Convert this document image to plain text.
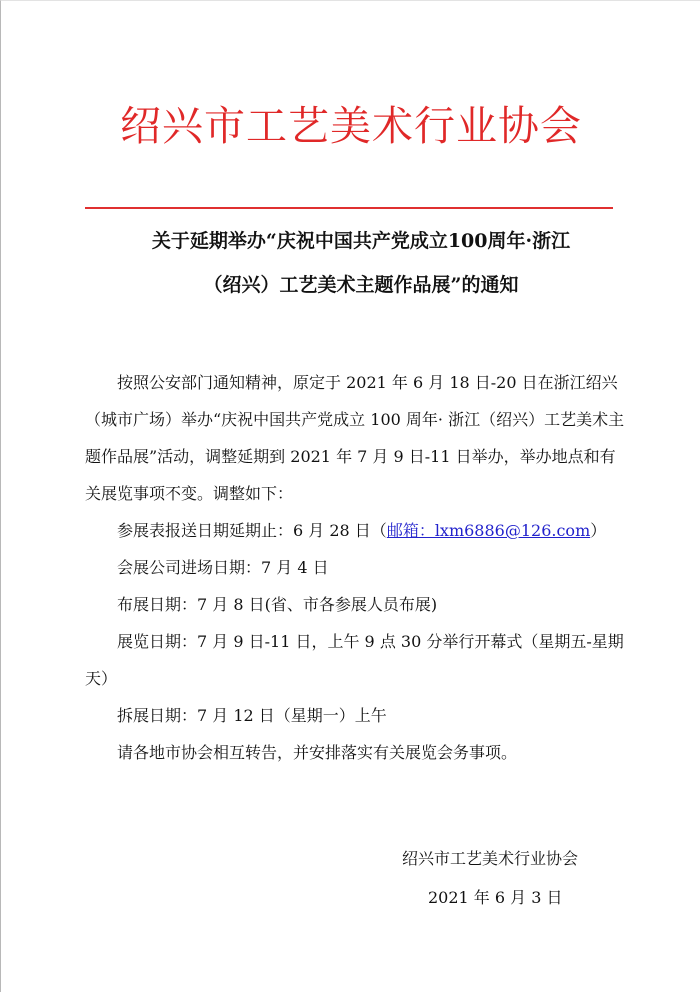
绍兴市工艺美术行业协会
关于延期举办“庆祝中国共产党成立100周年·浙江
（绍兴）工艺美术主题作品展”的通知

按照公安部门通知精神，原定于 2021 年 6 月 18 日-20 日在浙江绍兴（城市广场）举办“庆祝中国共产党成立 100 周年· 浙江（绍兴）工艺美术主题作品展”活动，调整延期到 2021 年 7 月 9 日-11 日举办，举办地点和有关展览事项不变。调整如下：

参展表报送日期延期止：6 月 28 日（邮箱：lxm6886@126.com）

会展公司进场日期：7 月 4 日

布展日期：7 月 8 日(省、市各参展人员布展)

展览日期：7 月 9 日-11 日，上午 9 点 30 分举行开幕式（星期五-星期天）

拆展日期：7 月 12 日（星期一）上午

请各地市协会相互转告，并安排落实有关展览会务事项。

绍兴市工艺美术行业协会
2021 年 6 月 3 日
